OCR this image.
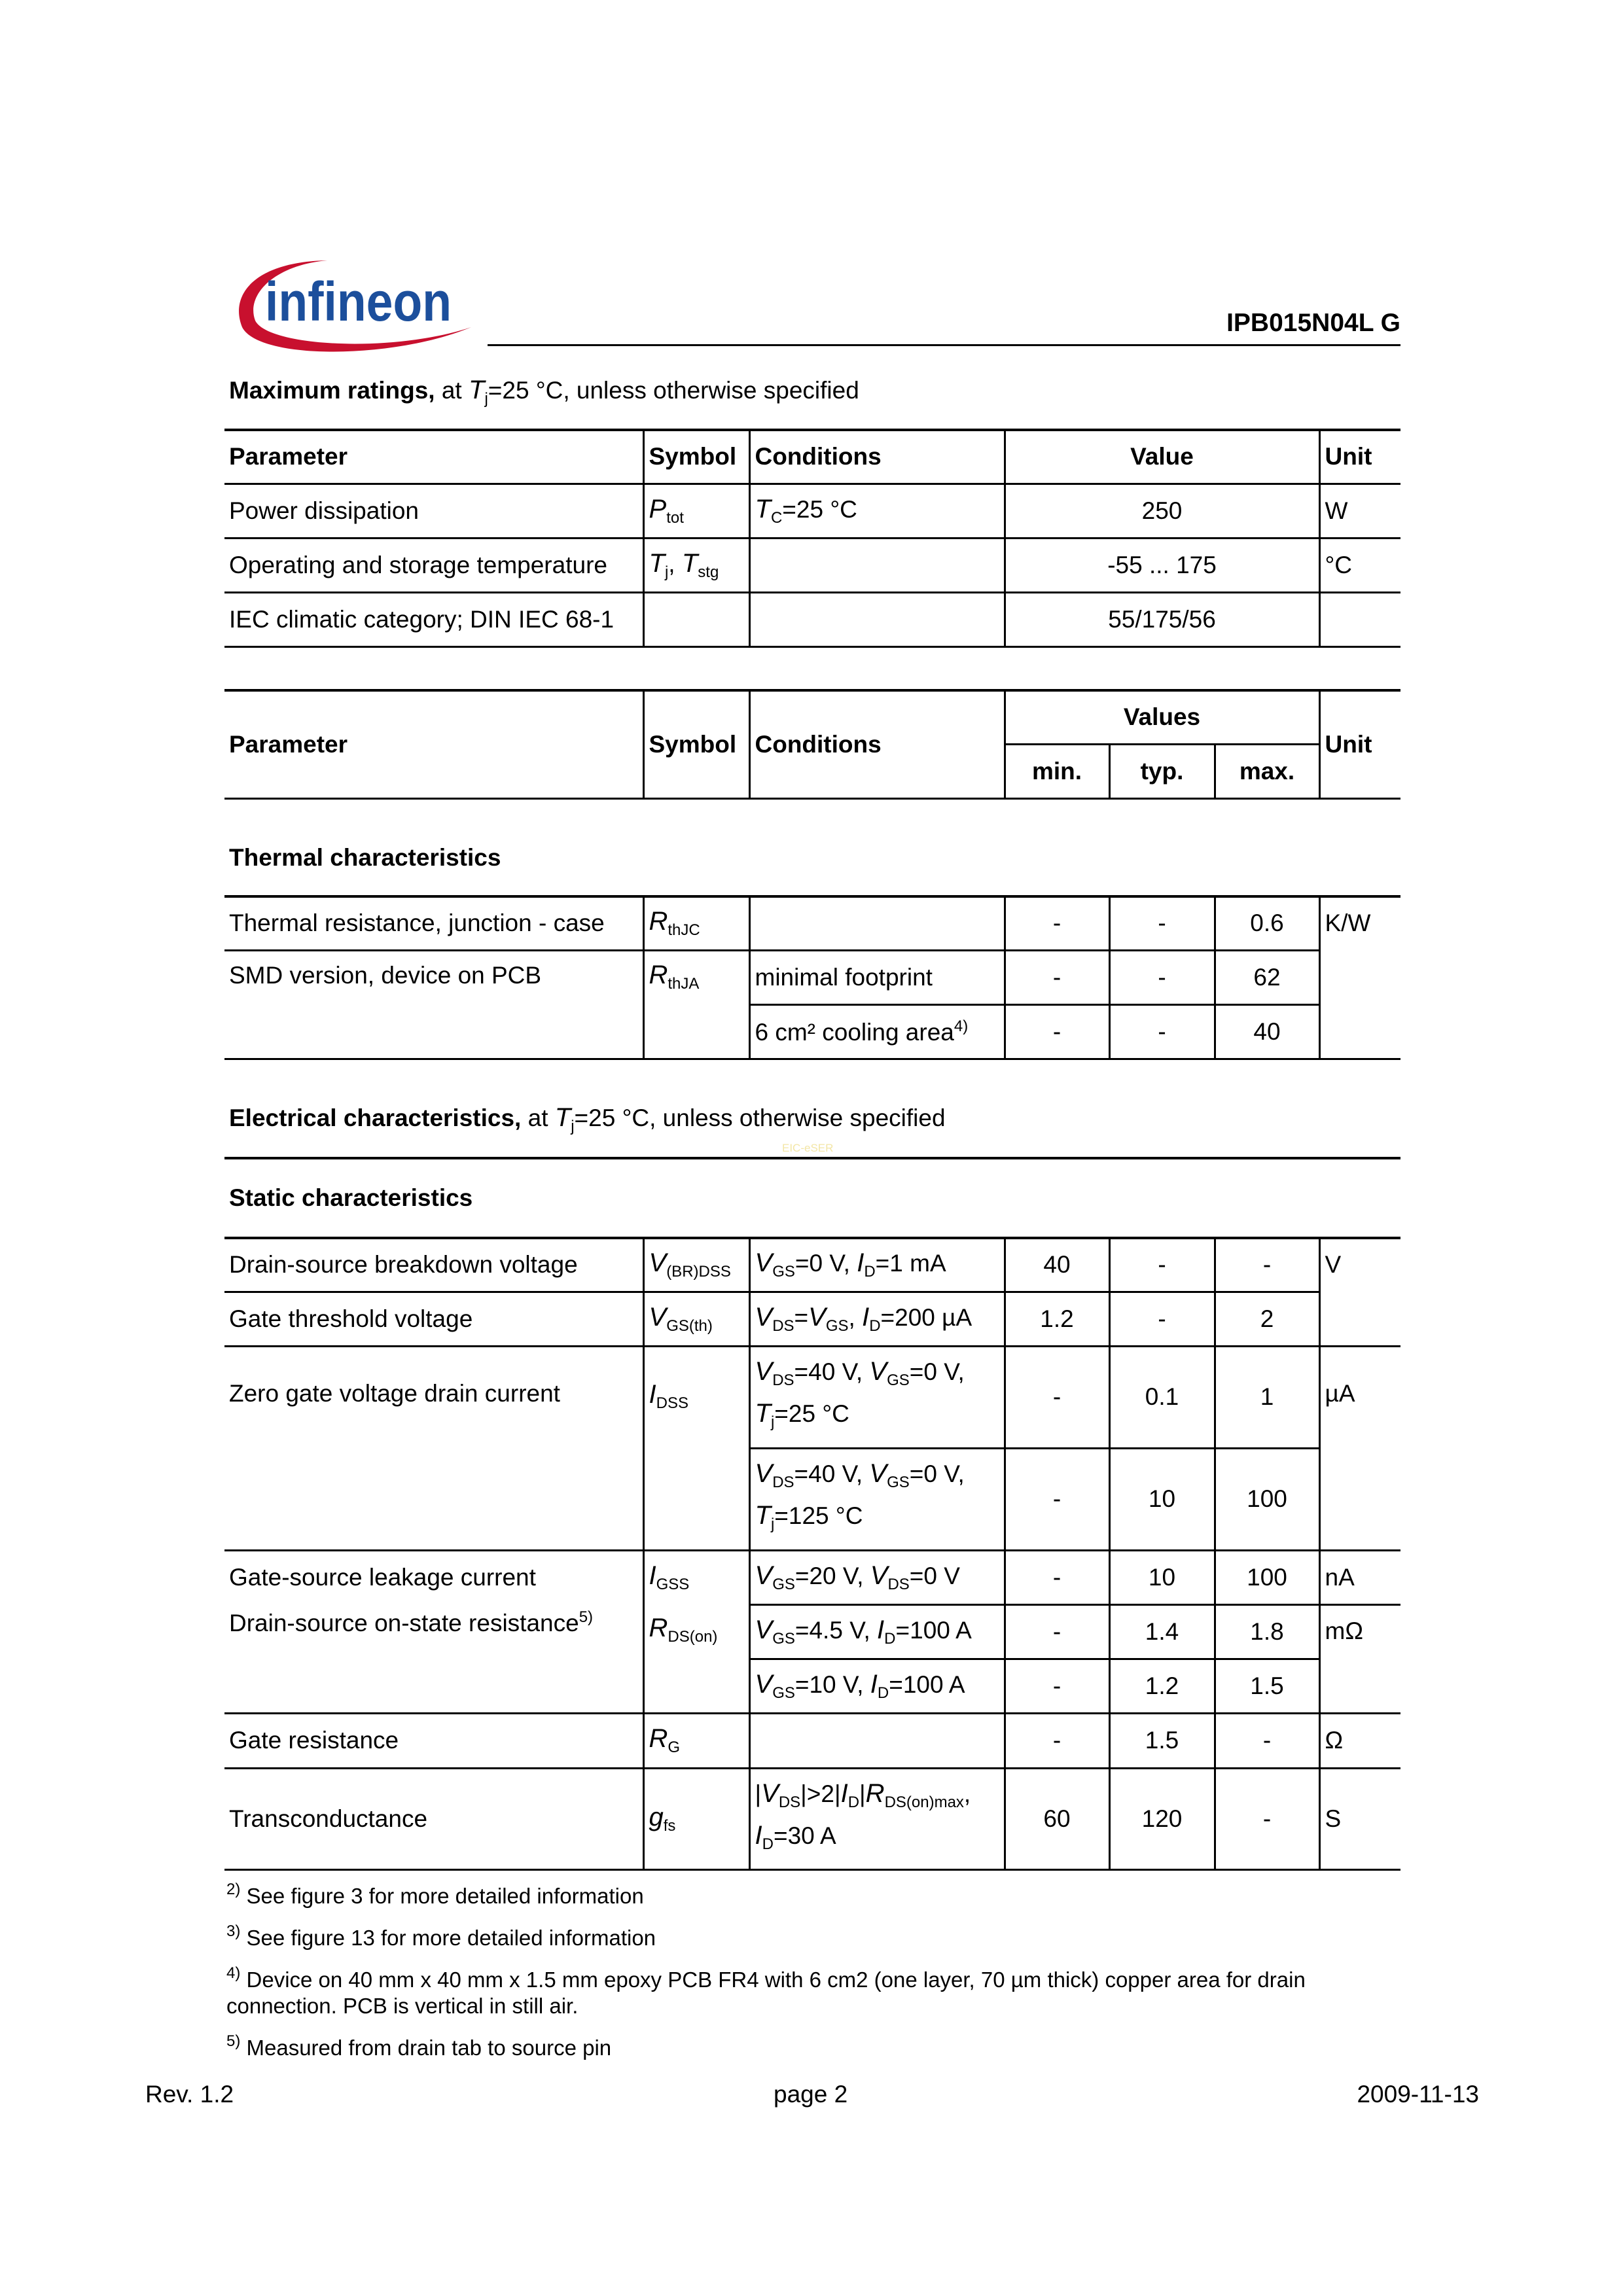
infineon	IPB015N04L G
Maximum ratings, at $T_j=25$ °C, unless otherwise specified
Parameter	Symbol	Conditions	Value	Unit
Power dissipation	$P_{tot}$	$T_C=25$ °C	250	W
Operating and storage temperature	$T_j$, $T_{stg}$		-55 ... 175	°C
IEC climatic category; DIN IEC 68-1			55/175/56	
Parameter	Symbol	Conditions	Values			Unit
			min.	typ.	max.	
Thermal characteristics
Thermal resistance, junction - case	$R_{thJC}$		-	-	0.6	K/W
SMD version, device on PCB	$R_{thJA}$	minimal footprint	-	-	62	
		6 cm² cooling area$^{4)}$	-	-	40	
Electrical characteristics, at $T_j=25$ °C, unless otherwise specified
EIC-eSER
Static characteristics
Drain-source breakdown voltage	$V_{(BR)DSS}$	$V_{GS}=0$ V, $I_D=1$ mA	40	-	-	V
Gate threshold voltage	$V_{GS(th)}$	$V_{DS}=V_{GS}$, $I_D=200$ µA	1.2	-	2	
Zero gate voltage drain current	$I_{DSS}$	$V_{DS}=40$ V, $V_{GS}=0$ V,
$T_j=25$ °C	-	0.1	1	µA
		$V_{DS}=40$ V, $V_{GS}=0$ V,
$T_j=125$ °C	-	10	100	
Gate-source leakage current	$I_{GSS}$	$V_{GS}=20$ V, $V_{DS}=0$ V	-	10	100	nA
Drain-source on-state resistance$^{5)}$	$R_{DS(on)}$	$V_{GS}=4.5$ V, $I_D=100$ A	-	1.4	1.8	mΩ
		$V_{GS}=10$ V, $I_D=100$ A	-	1.2	1.5	
Gate resistance	$R_G$		-	1.5	-	Ω
Transconductance	$g_{fs}$	$|V_{DS}|>2|I_D|R_{DS(on)max}$,
$I_D=30$ A	60	120	-	S

$^{2)}$ See figure 3 for more detailed information

$^{3)}$ See figure 13 for more detailed information

$^{4)}$ Device on 40 mm x 40 mm x 1.5 mm epoxy PCB FR4 with 6 cm2 (one layer, 70 µm thick) copper area for drain connection. PCB is vertical in still air.

$^{5)}$ Measured from drain tab to source pin

Rev. 1.2	page 2	2009-11-13
